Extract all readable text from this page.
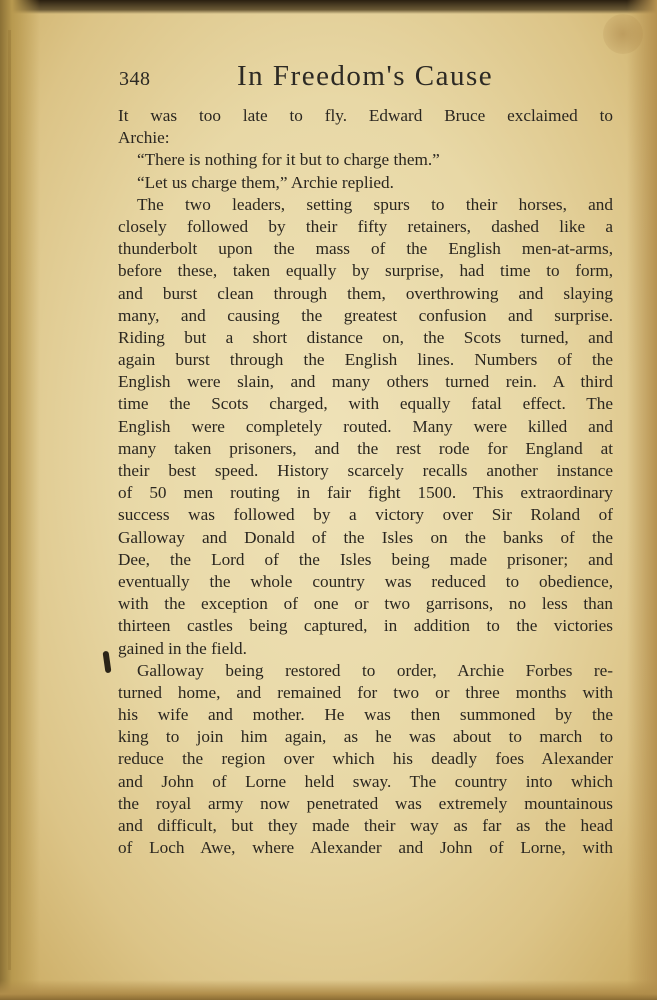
348	In Freedom's Cause
It was too late to fly. Edward Bruce exclaimed to
Archie:
“There is nothing for it but to charge them.”
“Let us charge them,” Archie replied.
The two leaders, setting spurs to their horses, and
closely followed by their fifty retainers, dashed like a
thunderbolt upon the mass of the English men-at-arms,
before these, taken equally by surprise, had time to form,
and burst clean through them, overthrowing and slaying
many, and causing the greatest confusion and surprise.
Riding but a short distance on, the Scots turned, and
again burst through the English lines. Numbers of the
English were slain, and many others turned rein. A third
time the Scots charged, with equally fatal effect. The
English were completely routed. Many were killed and
many taken prisoners, and the rest rode for England at
their best speed. History scarcely recalls another instance
of 50 men routing in fair fight 1500. This extraordinary
success was followed by a victory over Sir Roland of
Galloway and Donald of the Isles on the banks of the
Dee, the Lord of the Isles being made prisoner; and
eventually the whole country was reduced to obedience,
with the exception of one or two garrisons, no less than
thirteen castles being captured, in addition to the victories
gained in the field.
Galloway being restored to order, Archie Forbes re-
turned home, and remained for two or three months with
his wife and mother. He was then summoned by the
king to join him again, as he was about to march to
reduce the region over which his deadly foes Alexander
and John of Lorne held sway. The country into which
the royal army now penetrated was extremely mountainous
and difficult, but they made their way as far as the head
of Loch Awe, where Alexander and John of Lorne, with
